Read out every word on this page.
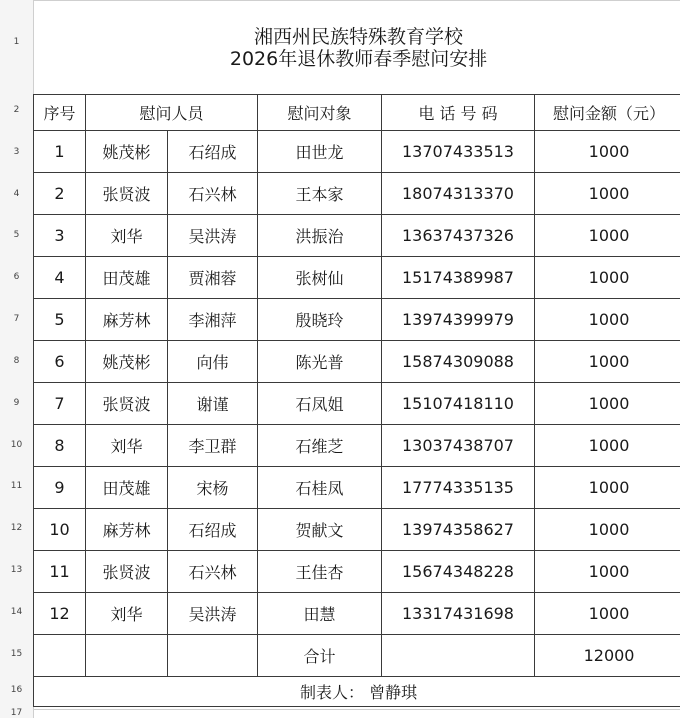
1
2
3
4
5
6
7
8
9
10
11
12
13
14
15
16
17
湘西州民族特殊教育学校
2026年退休教师春季慰问安排					

序号	慰问人员		慰问对象	电 话 号 码	慰问金额（元）
1	姚茂彬	石绍成	田世龙	13707433513	1000
2	张贤波	石兴林	王本家	18074313370	1000
3	刘华	吴洪涛	洪振治	13637437326	1000
4	田茂雄	贾湘蓉	张树仙	15174389987	1000
5	麻芳林	李湘萍	殷晓玲	13974399979	1000
6	姚茂彬	向伟	陈光普	15874309088	1000
7	张贤波	谢谨	石凤姐	15107418110	1000
8	刘华	李卫群	石维芝	13037438707	1000
9	田茂雄	宋杨	石桂凤	17774335135	1000
10	麻芳林	石绍成	贺献文	13974358627	1000
11	张贤波	石兴林	王佳杏	15674348228	1000
12	刘华	吴洪涛	田慧	13317431698	1000
			合计		12000
制表人： 曾静琪					
